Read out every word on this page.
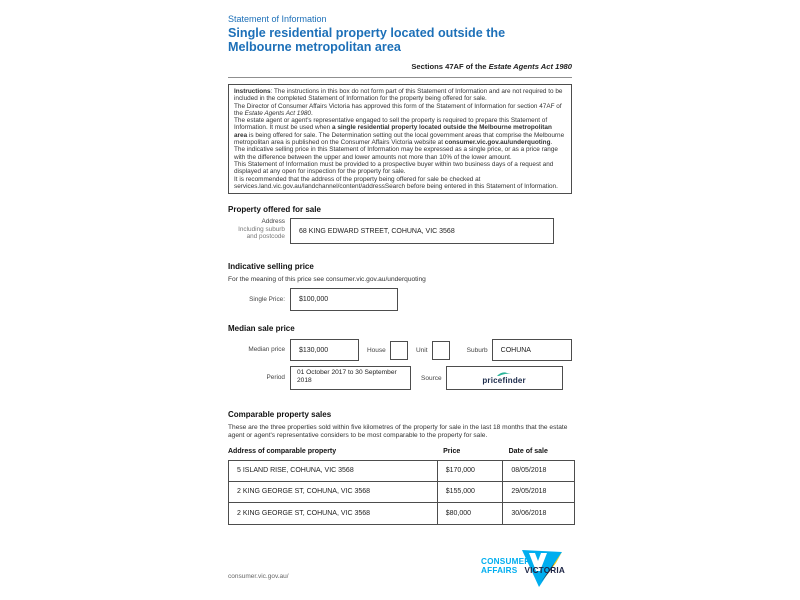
Statement of Information
Single residential property located outside the Melbourne metropolitan area
Sections 47AF of the Estate Agents Act 1980
Instructions: The instructions in this box do not form part of this Statement of Information and are not required to be included in the completed Statement of Information for the property being offered for sale.
The Director of Consumer Affairs Victoria has approved this form of the Statement of Information for section 47AF of the Estate Agents Act 1980.
The estate agent or agent's representative engaged to sell the property is required to prepare this Statement of Information. It must be used when a single residential property located outside the Melbourne metropolitan area is being offered for sale. The Determination setting out the local government areas that comprise the Melbourne metropolitan area is published on the Consumer Affairs Victoria website at consumer.vic.gov.au/underquoting.
The indicative selling price in this Statement of Information may be expressed as a single price, or as a price range with the difference between the upper and lower amounts not more than 10% of the lower amount.
This Statement of Information must be provided to a prospective buyer within two business days of a request and displayed at any open for inspection for the property for sale.
It is recommended that the address of the property being offered for sale be checked at services.land.vic.gov.au/landchannel/content/addressSearch before being entered in this Statement of Information.
Property offered for sale
Address
Including suburb and postcode
68 KING EDWARD STREET, COHUNA, VIC 3568
Indicative selling price
For the meaning of this price see consumer.vic.gov.au/underquoting
Single Price:	$100,000
Median sale price
Median price	$130,000	House	Unit	Suburb	COHUNA
Period
01 October 2017 to 30 September 2018	Source	pricefinder
Comparable property sales
These are the three properties sold within five kilometres of the property for sale in the last 18 months that the estate agent or agent's representative considers to be most comparable to the property for sale.
Address of comparable property	Price	Date of sale
5 ISLAND RISE, COHUNA, VIC 3568	$170,000	08/05/2018
2 KING GEORGE ST, COHUNA, VIC 3568	$155,000	29/05/2018
2 KING GEORGE ST, COHUNA, VIC 3568	$80,000	30/06/2018
consumer.vic.gov.au/
CONSUMER
AFFAIRS VICTORIA
